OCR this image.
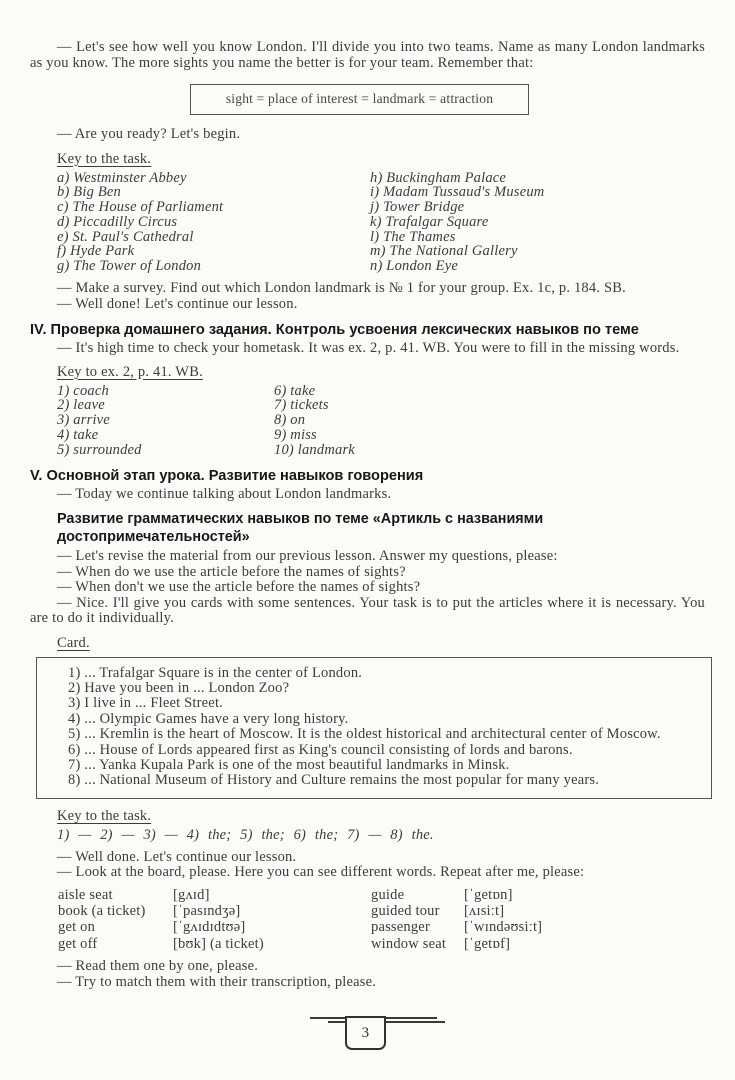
— Let's see how well you know London. I'll divide you into two teams. Name as many London landmarks as you know. The more sights you name the better is for your team. Remember that:

sight = place of interest = landmark = attraction

— Are you ready? Let's begin.

Key to the task.

a) Westminster Abbey
b) Big Ben
c) The House of Parliament
d) Piccadilly Circus
e) St. Paul's Cathedral
f) Hyde Park
g) The Tower of London
h) Buckingham Palace
i) Madam Tussaud's Museum
j) Tower Bridge
k) Trafalgar Square
l) The Thames
m) The National Gallery
n) London Eye

— Make a survey. Find out which London landmark is № 1 for your group. Ex. 1c, p. 184. SB.

— Well done! Let's continue our lesson.

IV. Проверка домашнего задания. Контроль усвоения лексических навыков по теме

— It's high time to check your hometask. It was ex. 2, p. 41. WB. You were to fill in the missing words.

Key to ex. 2, p. 41. WB.

1) coach
2) leave
3) arrive
4) take
5) surrounded
6) take
7) tickets
8) on
9) miss
10) landmark

V. Основной этап урока. Развитие навыков говорения

— Today we continue talking about London landmarks.

Развитие грамматических навыков по теме «Артикль с названиями достопримечательностей»

— Let's revise the material from our previous lesson. Answer my questions, please:

— When do we use the article before the names of sights?

— When don't we use the article before the names of sights?

— Nice. I'll give you cards with some sentences. Your task is to put the articles where it is necessary. You are to do it individually.

Card.

1) ... Trafalgar Square is in the center of London.
2) Have you been in ... London Zoo?
3) I live in ... Fleet Street.
4) ... Olympic Games have a very long history.
5) ... Kremlin is the heart of Moscow. It is the oldest historical and architectural center of Moscow.
6) ... House of Lords appeared first as King's council consisting of lords and barons.
7) ... Yanka Kupala Park is one of the most beautiful landmarks in Minsk.
8) ... National Museum of History and Culture remains the most popular for many years.

Key to the task.

1) — 2) — 3) — 4) the; 5) the; 6) the; 7) — 8) the.

— Well done. Let's continue our lesson.

— Look at the board, please. Here you can see different words. Repeat after me, please:

aisle seat	[gʌɪd]	guide	[ˈgetɒn]
book (a ticket)	[ˈpasɪndʒə]	guided tour	[ʌɪsiːt]
get on	[ˈgʌɪdɪdtʊə]	passenger	[ˈwɪndəʊsiːt]
get off	[bʊk] (a ticket)	window seat	[ˈgetɒf]

— Read them one by one, please.

— Try to match them with their transcription, please.

3
